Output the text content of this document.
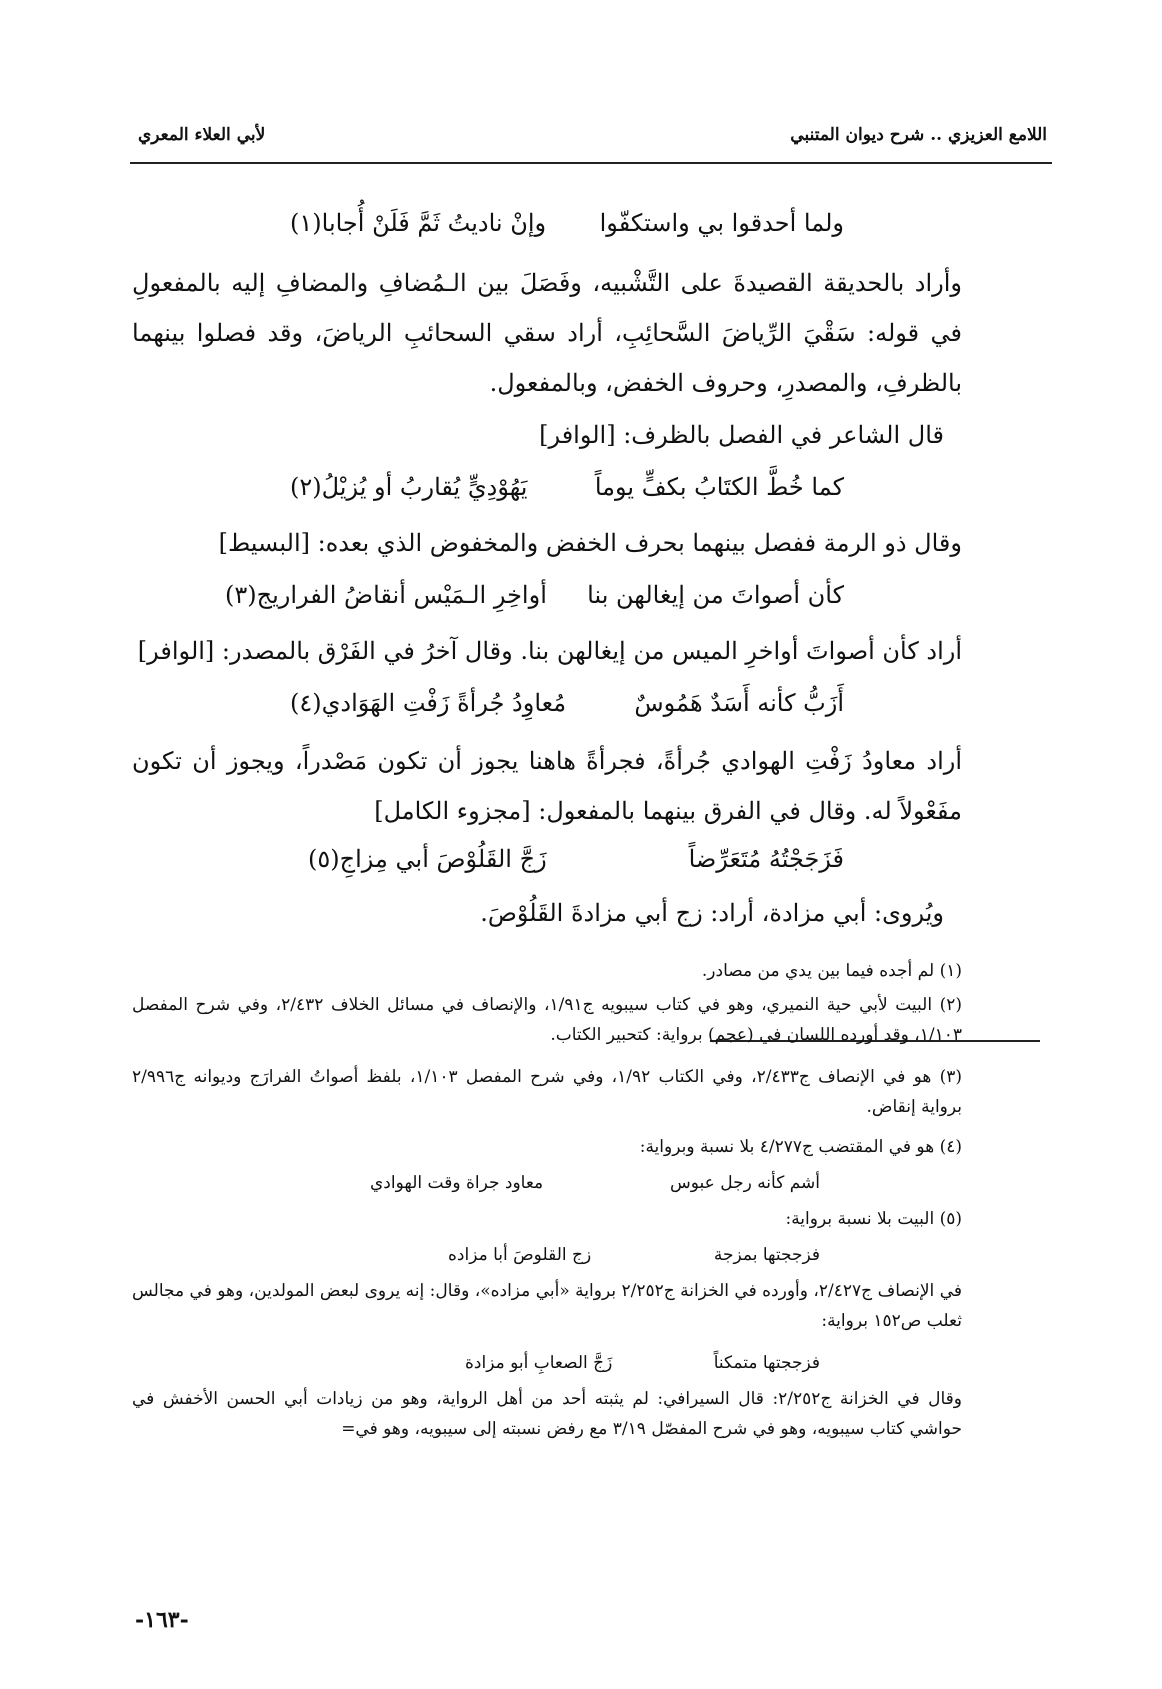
اللامع العزيزي .. شرح ديوان المتنبي
لأبي العلاء المعري
ولما أحدقوا بي واستكفّوا
وإنْ ناديتُ ثَمَّ فَلَنْ أُجابا(١)
وأراد بالحديقة القصيدةَ على التَّشْبيه، وفَصَلَ بين الـمُضافِ والمضافِ إليه بالمفعولِ في قوله: سَقْيَ الرِّياضَ السَّحائِبِ، أراد سقي السحائبِ الرياضَ، وقد فصلوا بينهما بالظرفِ، والمصدرِ، وحروف الخفض، وبالمفعول.
قال الشاعر في الفصل بالظرف: [الوافر]
كما خُطَّ الكتَابُ بكفٍّ يوماً
يَهُوْدِيٍّ يُقاربُ أو يُزيْلُ(٢)
وقال ذو الرمة ففصل بينهما بحرف الخفض والمخفوض الذي بعده: [البسيط]
كأن أصواتَ من إيغالهن بنا
أواخِرِ الـمَيْس أنقاضُ الفراريج(٣)
أراد كأن أصواتَ أواخرِ الميس من إيغالهن بنا. وقال آخرُ في الفَرْق بالمصدر: [الوافر]
أَزَبُّ كأنه أَسَدٌ هَمُوسٌ
مُعاوِدُ جُرأةً زَفْتِ الهَوَادي(٤)
أراد معاودُ زَفْتِ الهوادي جُرأةً، فجرأةً هاهنا يجوز أن تكون مَصْدراً، ويجوز أن تكون مفَعْولاً له. وقال في الفرق بينهما بالمفعول: [مجزوء الكامل]
فَزَجَجْتُهُ مُتَعَرِّضاً
زَجَّ القَلُوْصَ أبي مِزاجِ(٥)
ويُروى: أبي مزادة، أراد: زج أبي مزادةَ القَلُوْصَ.
(١) لم أجده فيما بين يدي من مصادر.
(٢) البيت لأبي حية النميري، وهو في كتاب سيبويه ج١/٩١، والإنصاف في مسائل الخلاف ٢/٤٣٢، وفي شرح المفصل ١/١٠٣، وقد أورده اللسان في (عجم) برواية: كتحبير الكتاب.
(٣) هو في الإنصاف ج٢/٤٣٣، وفي الكتاب ١/٩٢، وفي شرح المفصل ١/١٠٣، بلفظ أصواتُ الفرارَج وديوانه ج٢/٩٩٦ برواية إنقاض.
(٤) هو في المقتضب ج٤/٢٧٧ بلا نسبة وبرواية:
أشم كأنه رجل عبوس
معاود جراة وقت الهوادي
(٥) البيت بلا نسبة برواية:
فزججتها بمزجة
زج القلوصَ أبا مزاده
في الإنصاف ج٢/٤٢٧، وأورده في الخزانة ج٢/٢٥٢ برواية «أبي مزاده»، وقال: إنه يروى لبعض المولدين، وهو في مجالس ثعلب ص١٥٢ برواية:
فزججتها متمكناً
زَجَّ الصعابِ أبو مزادة
وقال في الخزانة ج٢/٢٥٢: قال السيرافي: لم يثبته أحد من أهل الرواية، وهو من زيادات أبي الحسن الأخفش في حواشي كتاب سيبويه، وهو في شرح المفصّل ٣/١٩ مع رفض نسبته إلى سيبويه، وهو في=
-١٦٣-
